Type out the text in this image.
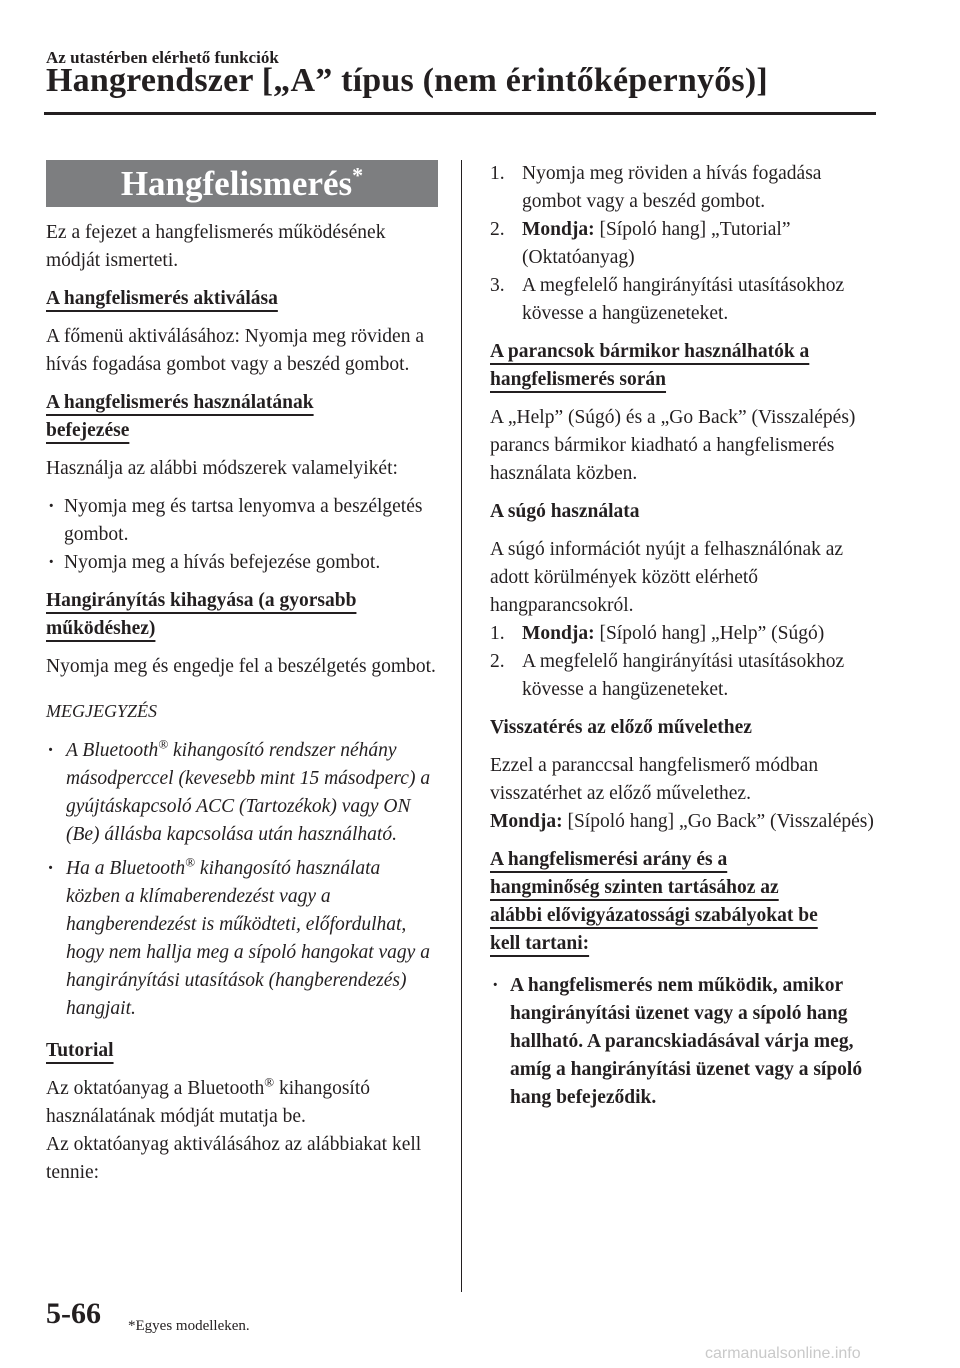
Az utastérben elérhető funkciók

Hangrendszer [„A” típus (nem érintőképernyős)]
Hangfelismerés*

Ez a fejezet a hangfelismerés működésének módját ismerteti.

A hangfelismerés aktiválása

A főmenü aktiválásához: Nyomja meg röviden a hívás fogadása gombot vagy a beszéd gombot.

A hangfelismerés használatának
befejezése

Használja az alábbi módszerek valamelyikét:

· Nyomja meg és tartsa lenyomva a beszélgetés gombot.
· Nyomja meg a hívás befejezése gombot.
Hangirányítás kihagyása (a gyorsabb
működéshez)

Nyomja meg és engedje fel a beszélgetés gombot.

MEGJEGYZÉS

· A Bluetooth® kihangosító rendszer néhány másodperccel (kevesebb mint 15 másodperc) a gyújtáskapcsoló ACC (Tartozékok) vagy ON (Be) állásba kapcsolása után használható.
· Ha a Bluetooth® kihangosító használata közben a klímaberendezést vagy a hangberendezést is működteti, előfordulhat, hogy nem hallja meg a sípoló hangokat vagy a hangirányítási utasítások (hangberendezés) hangjait.
Tutorial

Az oktatóanyag a Bluetooth® kihangosító használatának módját mutatja be.

Az oktatóanyag aktiválásához az alábbiakat kell tennie:

1. Nyomja meg röviden a hívás fogadása gombot vagy a beszéd gombot.
2. Mondja: [Sípoló hang] „Tutorial” (Oktatóanyag)
3. A megfelelő hangirányítási utasításokhoz kövesse a hangüzeneteket.
A parancsok bármikor használhatók a
hangfelismerés során

A „Help” (Súgó) és a „Go Back” (Visszalépés) parancs bármikor kiadható a hangfelismerés használata közben.

A súgó használata

A súgó információt nyújt a felhasználónak az adott körülmények között elérhető hangparancsokról.

1. Mondja: [Sípoló hang] „Help” (Súgó)
2. A megfelelő hangirányítási utasításokhoz kövesse a hangüzeneteket.
Visszatérés az előző művelethez

Ezzel a paranccsal hangfelismerő módban visszatérhet az előző művelethez.

Mondja: [Sípoló hang] „Go Back” (Visszalépés)

A hangfelismerési arány és a
hangminőség szinten tartásához az
alábbi elővigyázatossági szabályokat be
kell tartani:
· A hangfelismerés nem működik, amikor hangirányítási üzenet vagy a sípoló hang hallható. A parancskiadásával várja meg, amíg a hangirányítási üzenet vagy a sípoló hang befejeződik.

5-66 *Egyes modelleken.

carmanualsonline.info
